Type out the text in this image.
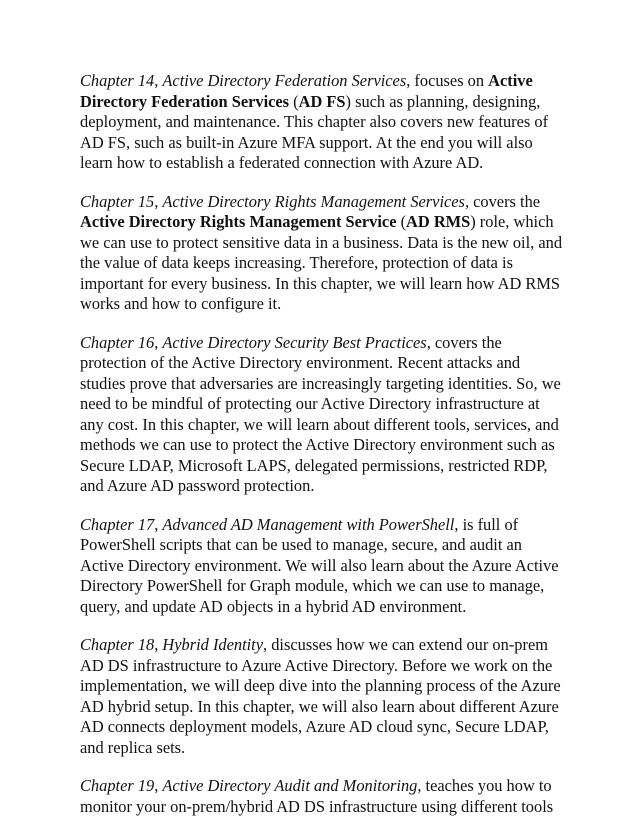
Chapter 14, Active Directory Federation Services, focuses on Active Directory Federation Services (AD FS) such as planning, designing, deployment, and maintenance. This chapter also covers new features of AD FS, such as built-in Azure MFA support. At the end you will also learn how to establish a federated connection with Azure AD.

Chapter 15, Active Directory Rights Management Services, covers the Active Directory Rights Management Service (AD RMS) role, which we can use to protect sensitive data in a business. Data is the new oil, and the value of data keeps increasing. Therefore, protection of data is important for every business. In this chapter, we will learn how AD RMS works and how to configure it.

Chapter 16, Active Directory Security Best Practices, covers the protection of the Active Directory environment. Recent attacks and studies prove that adversaries are increasingly targeting identities. So, we need to be mindful of protecting our Active Directory infrastructure at any cost. In this chapter, we will learn about different tools, services, and methods we can use to protect the Active Directory environment such as Secure LDAP, Microsoft LAPS, delegated permissions, restricted RDP, and Azure AD password protection.

Chapter 17, Advanced AD Management with PowerShell, is full of PowerShell scripts that can be used to manage, secure, and audit an Active Directory environment. We will also learn about the Azure Active Directory PowerShell for Graph module, which we can use to manage, query, and update AD objects in a hybrid AD environment.

Chapter 18, Hybrid Identity, discusses how we can extend our on-prem AD DS infrastructure to Azure Active Directory. Before we work on the implementation, we will deep dive into the planning process of the Azure AD hybrid setup. In this chapter, we will also learn about different Azure AD connects deployment models, Azure AD cloud sync, Secure LDAP, and replica sets.

Chapter 19, Active Directory Audit and Monitoring, teaches you how to monitor your on-prem/hybrid AD DS infrastructure using different tools
